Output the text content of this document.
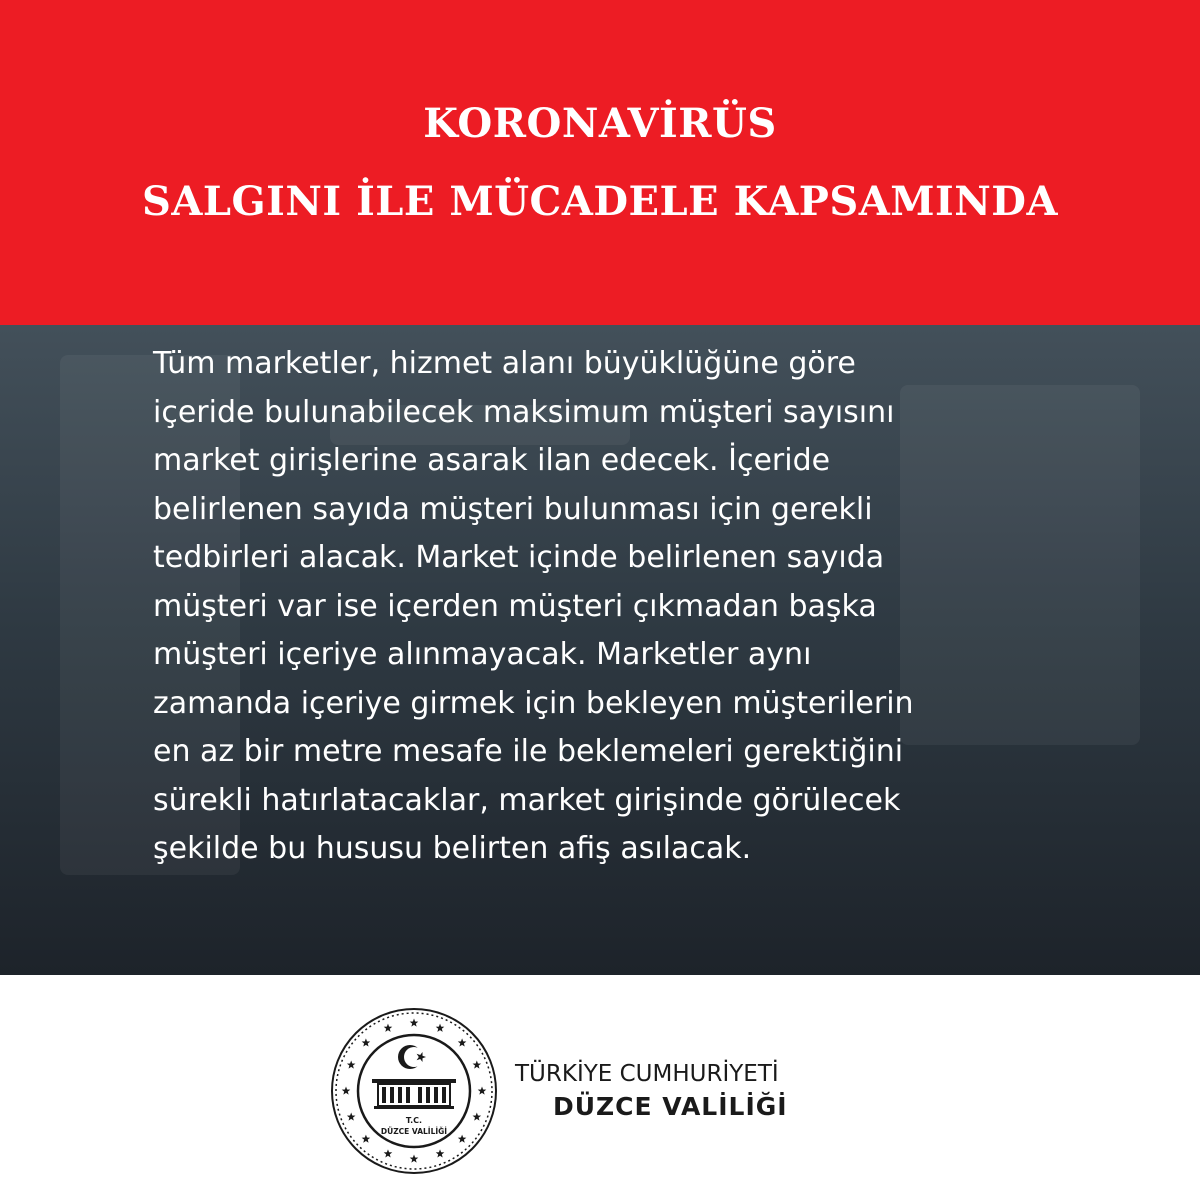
KORONAVİRÜS
SALGINI İLE MÜCADELE KAPSAMINDA
Tüm marketler, hizmet alanı büyüklüğüne göre
içeride bulunabilecek maksimum müşteri sayısını
market girişlerine asarak ilan edecek. İçeride
belirlenen sayıda müşteri bulunması için gerekli
tedbirleri alacak. Market içinde belirlenen sayıda
müşteri var ise içerden müşteri çıkmadan başka
müşteri içeriye alınmayacak. Marketler aynı
zamanda içeriye girmek için bekleyen müşterilerin
en az bir metre mesafe ile beklemeleri gerektiğini
sürekli hatırlatacaklar, market girişinde görülecek
şekilde bu hususu belirten afiş asılacak.
T.C.
DÜZCE VALİLİĞİ
TÜRKİYE CUMHURİYETİ
DÜZCE VALİLİĞİ
